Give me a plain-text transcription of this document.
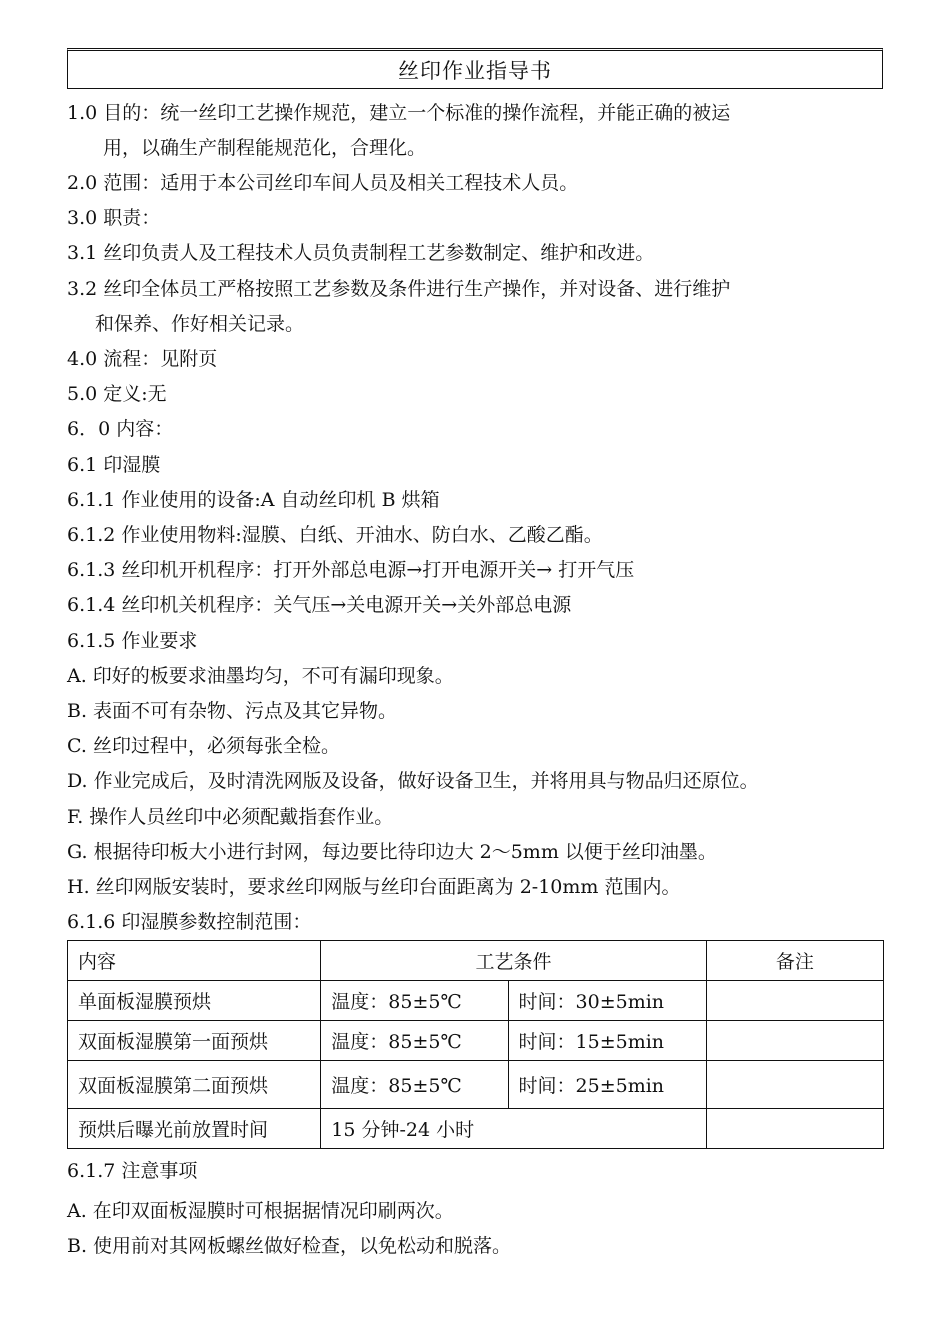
丝印作业指导书
1.0 目的：统一丝印工艺操作规范，建立一个标准的操作流程，并能正确的被运
用，以确生产制程能规范化，合理化。
2.0 范围：适用于本公司丝印车间人员及相关工程技术人员。
3.0 职责：
3.1 丝印负责人及工程技术人员负责制程工艺参数制定、维护和改进。
3.2 丝印全体员工严格按照工艺参数及条件进行生产操作，并对设备、进行维护
和保养、作好相关记录。
4.0 流程：见附页
5.0 定义:无
6．0 内容：
6.1 印湿膜
6.1.1 作业使用的设备:A 自动丝印机 B 烘箱
6.1.2 作业使用物料:湿膜、白纸、开油水、防白水、乙酸乙酯。
6.1.3 丝印机开机程序：打开外部总电源→打开电源开关→ 打开气压
6.1.4 丝印机关机程序：关气压→关电源开关→关外部总电源
6.1.5 作业要求
A. 印好的板要求油墨均匀，不可有漏印现象。
B. 表面不可有杂物、污点及其它异物。
C. 丝印过程中，必须每张全检。
D. 作业完成后，及时清洗网版及设备，做好设备卫生，并将用具与物品归还原位。
F. 操作人员丝印中必须配戴指套作业。
G. 根据待印板大小进行封网，每边要比待印边大 2～5mm 以便于丝印油墨。
H. 丝印网版安装时，要求丝印网版与丝印台面距离为 2-10mm 范围内。
6.1.6 印湿膜参数控制范围：
内容	工艺条件		备注
单面板湿膜预烘	温度：85±5℃	时间：30±5min	
双面板湿膜第一面预烘	温度：85±5℃	时间：15±5min	
双面板湿膜第二面预烘	温度：85±5℃	时间：25±5min	
预烘后曝光前放置时间	15 分钟-24 小时		
6.1.7 注意事项
A. 在印双面板湿膜时可根据据情况印刷两次。
B. 使用前对其网板螺丝做好检查，以免松动和脱落。
